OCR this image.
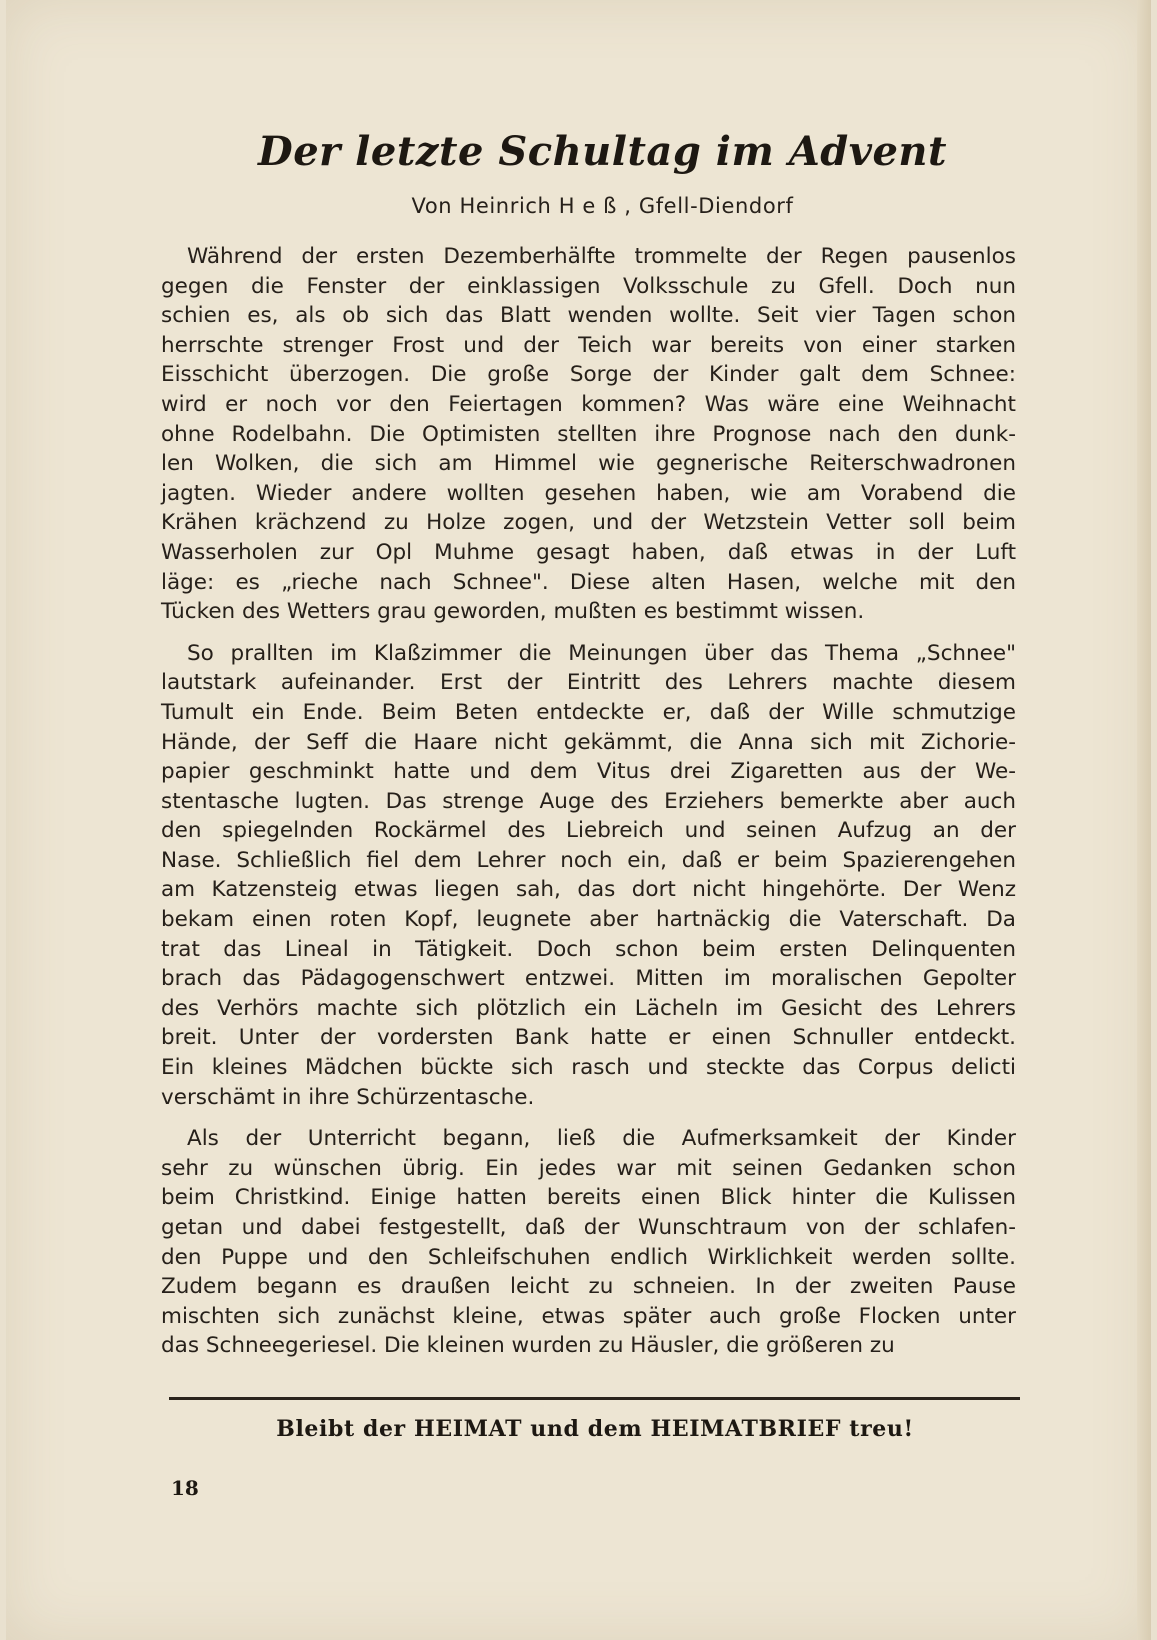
Der letzte Schultag im Advent

Von Heinrich H e ß , Gfell-Diendorf

Während der ersten Dezemberhälfte trommelte der Regen pausenlos
gegen die Fenster der einklassigen Volksschule zu Gfell. Doch nun
schien es, als ob sich das Blatt wenden wollte. Seit vier Tagen schon
herrschte strenger Frost und der Teich war bereits von einer starken
Eisschicht überzogen. Die große Sorge der Kinder galt dem Schnee:
wird er noch vor den Feiertagen kommen? Was wäre eine Weihnacht
ohne Rodelbahn. Die Optimisten stellten ihre Prognose nach den dunk-
len Wolken, die sich am Himmel wie gegnerische Reiterschwadronen
jagten. Wieder andere wollten gesehen haben, wie am Vorabend die
Krähen krächzend zu Holze zogen, und der Wetzstein Vetter soll beim
Wasserholen zur Opl Muhme gesagt haben, daß etwas in der Luft
läge: es „rieche nach Schnee". Diese alten Hasen, welche mit den
Tücken des Wetters grau geworden, mußten es bestimmt wissen.

So prallten im Klaßzimmer die Meinungen über das Thema „Schnee"
lautstark aufeinander. Erst der Eintritt des Lehrers machte diesem
Tumult ein Ende. Beim Beten entdeckte er, daß der Wille schmutzige
Hände, der Seff die Haare nicht gekämmt, die Anna sich mit Zichorie-
papier geschminkt hatte und dem Vitus drei Zigaretten aus der We-
stentasche lugten. Das strenge Auge des Erziehers bemerkte aber auch
den spiegelnden Rockärmel des Liebreich und seinen Aufzug an der
Nase. Schließlich fiel dem Lehrer noch ein, daß er beim Spazierengehen
am Katzensteig etwas liegen sah, das dort nicht hingehörte. Der Wenz
bekam einen roten Kopf, leugnete aber hartnäckig die Vaterschaft. Da
trat das Lineal in Tätigkeit. Doch schon beim ersten Delinquenten
brach das Pädagogenschwert entzwei. Mitten im moralischen Gepolter
des Verhörs machte sich plötzlich ein Lächeln im Gesicht des Lehrers
breit. Unter der vordersten Bank hatte er einen Schnuller entdeckt.
Ein kleines Mädchen bückte sich rasch und steckte das Corpus delicti
verschämt in ihre Schürzentasche.

Als der Unterricht begann, ließ die Aufmerksamkeit der Kinder
sehr zu wünschen übrig. Ein jedes war mit seinen Gedanken schon
beim Christkind. Einige hatten bereits einen Blick hinter die Kulissen
getan und dabei festgestellt, daß der Wunschtraum von der schlafen-
den Puppe und den Schleifschuhen endlich Wirklichkeit werden sollte.
Zudem begann es draußen leicht zu schneien. In der zweiten Pause
mischten sich zunächst kleine, etwas später auch große Flocken unter
das Schneegeriesel. Die kleinen wurden zu Häusler, die größeren zu

Bleibt der HEIMAT und dem HEIMATBRIEF treu!

18
